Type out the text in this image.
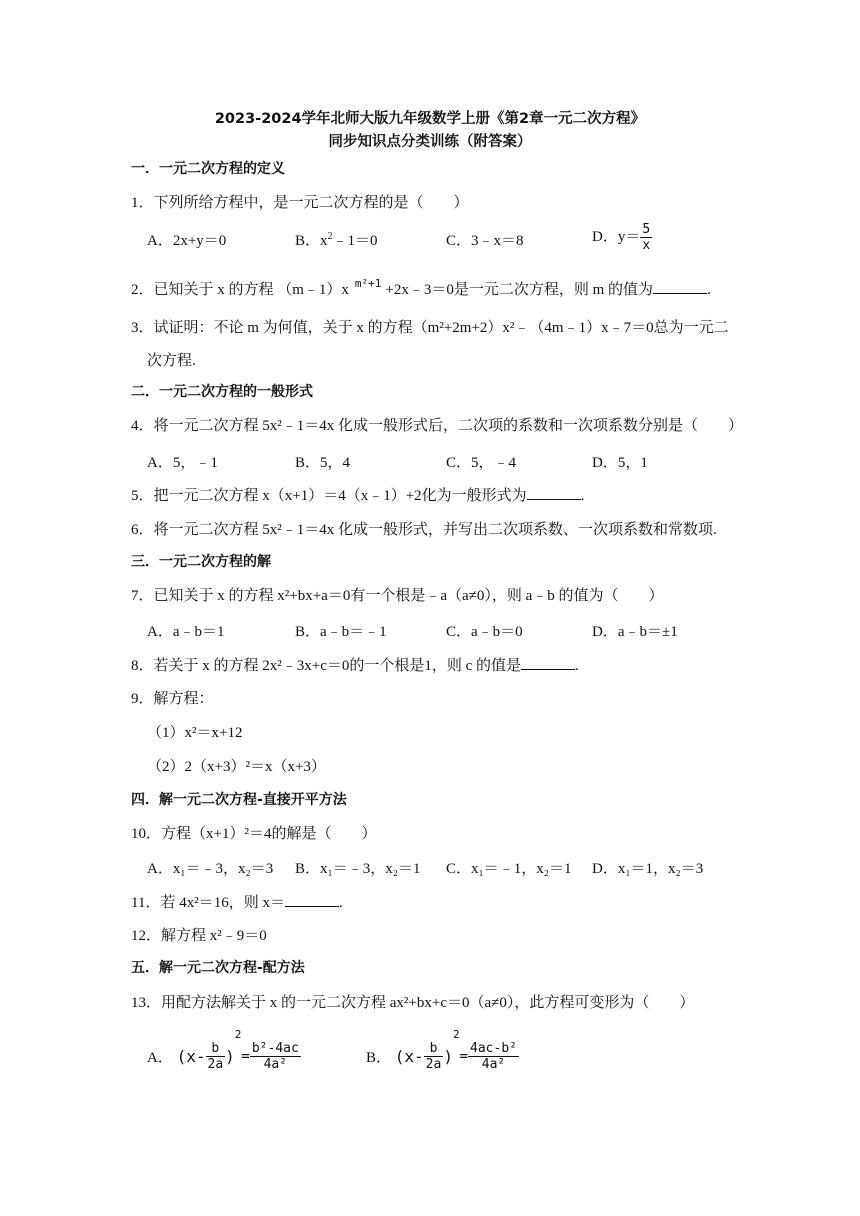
2023-2024学年北师大版九年级数学上册《第2章一元二次方程》
同步知识点分类训练（附答案）
一．一元二次方程的定义
1．下列所给方程中，是一元二次方程的是（　　）
A．2x+y＝0	B．$x^2﹣1=0$	C．3﹣x＝8	D．$y= \frac{5}{x}$
2．已知关于 x 的方程 （m﹣1）x $^{m^2+1}$ +2x﹣3＝0是一元二次方程，则 m 的值为	.
3．试证明：不论 m 为何值，关于 x 的方程（m²+2m+2）x²﹣（4m﹣1）x﹣7＝0总为一元二
次方程.
二．一元二次方程的一般形式
4．将一元二次方程 5x²﹣1＝4x 化成一般形式后，二次项的系数和一次项系数分别是（　　）
A．5，﹣1	B．5，4	C．5，﹣4	D．5，1
5．把一元二次方程 x（x+1）＝4（x﹣1）+2化为一般形式为	.
6．将一元二次方程 5x²﹣1＝4x 化成一般形式，并写出二次项系数、一次项系数和常数项.
三．一元二次方程的解
7．已知关于 x 的方程 x²+bx+a＝0有一个根是﹣a（a≠0），则 a﹣b 的值为（　　）
A．a﹣b＝1	B．a﹣b＝﹣1	C．a﹣b＝0	D．a﹣b＝±1
8．若关于 x 的方程 2x²﹣3x+c＝0的一个根是1，则 c 的值是	.
9．解方程：
（1）x²＝x+12
（2）2（x+3）²＝x（x+3）
四．解一元二次方程-直接开平方法
10．方程（x+1）²＝4的解是（　　）
A．x₁＝﹣3，x₂＝3 B．x₁＝﹣3，x₂＝1 C．x₁＝﹣1，x₂＝1 D．x₁＝1，x₂＝3
11．若 4x²＝16，则 x＝	.
12．解方程 x²﹣9＝0
五．解一元二次方程-配方法
13．用配方法解关于 x 的一元二次方程 ax²+bx+c＝0（a≠0），此方程可变形为（　　）
A． $(x- \frac{b}{2a} )^2= \frac{\text{b²-4ac}}{\text{4a²}}$	B． $(x- \frac{b}{2a} )^2= \frac{\text{4ac-b²}}{\text{4a²}}$
